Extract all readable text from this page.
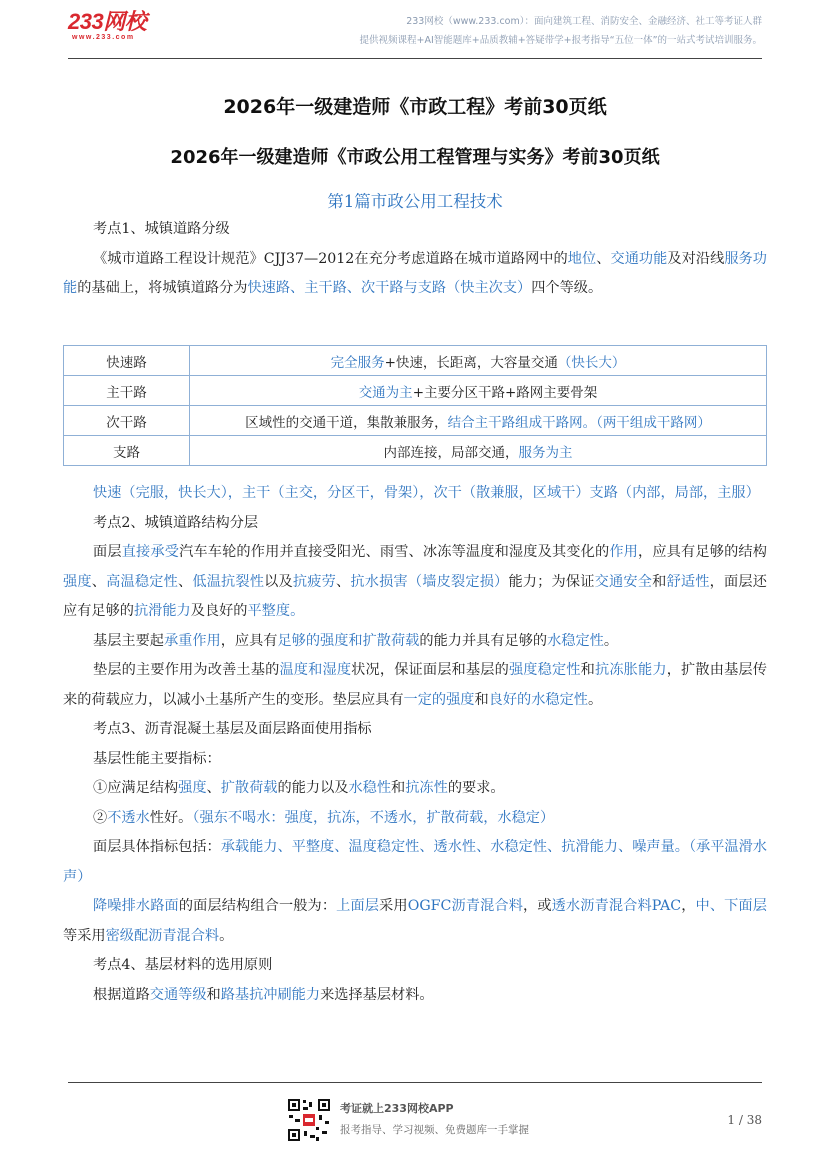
233网校
www.233.com
233网校（www.233.com）：面向建筑工程、消防安全、金融经济、社工等考证人群
提供视频课程+AI智能题库+品质教辅+答疑带学+报考指导“五位一体”的一站式考试培训服务。
2026年一级建造师《市政工程》考前30页纸
2026年一级建造师《市政公用工程管理与实务》考前30页纸
第1篇市政公用工程技术

考点1、城镇道路分级

《城市道路工程设计规范》CJJ37—2012在充分考虑道路在城市道路网中的地位、交通功能及对沿线服务功能的基础上，将城镇道路分为快速路、主干路、次干路与支路（快主次支）四个等级。

快速路	完全服务+快速，长距离，大容量交通（快长大）
主干路	交通为主+主要分区干路+路网主要骨架
次干路	区域性的交通干道，集散兼服务，结合主干路组成干路网。（两干组成干路网）
支路	内部连接，局部交通，服务为主

快速（完服，快长大），主干（主交，分区干，骨架），次干（散兼服，区域干）支路（内部，局部，主服）

考点2、城镇道路结构分层

面层直接承受汽车车轮的作用并直接受阳光、雨雪、冰冻等温度和湿度及其变化的作用，应具有足够的结构强度、高温稳定性、低温抗裂性以及抗疲劳、抗水损害（墙皮裂定损）能力；为保证交通安全和舒适性，面层还应有足够的抗滑能力及良好的平整度。

基层主要起承重作用，应具有足够的强度和扩散荷载的能力并具有足够的水稳定性。

垫层的主要作用为改善土基的温度和湿度状况，保证面层和基层的强度稳定性和抗冻胀能力，扩散由基层传来的荷载应力，以减小土基所产生的变形。垫层应具有一定的强度和良好的水稳定性。

考点3、沥青混凝土基层及面层路面使用指标

基层性能主要指标：

①应满足结构强度、扩散荷载的能力以及水稳性和抗冻性的要求。

②不透水性好。（强东不喝水：强度，抗冻，不透水，扩散荷载，水稳定）

面层具体指标包括：承载能力、平整度、温度稳定性、透水性、水稳定性、抗滑能力、噪声量。（承平温滑水声）

降噪排水路面的面层结构组合一般为：上面层采用OGFC沥青混合料，或透水沥青混合料PAC，中、下面层等采用密级配沥青混合料。

考点4、基层材料的选用原则

根据道路交通等级和路基抗冲刷能力来选择基层材料。

考证就上233网校APP
报考指导、学习视频、免费题库一手掌握
1 / 38
